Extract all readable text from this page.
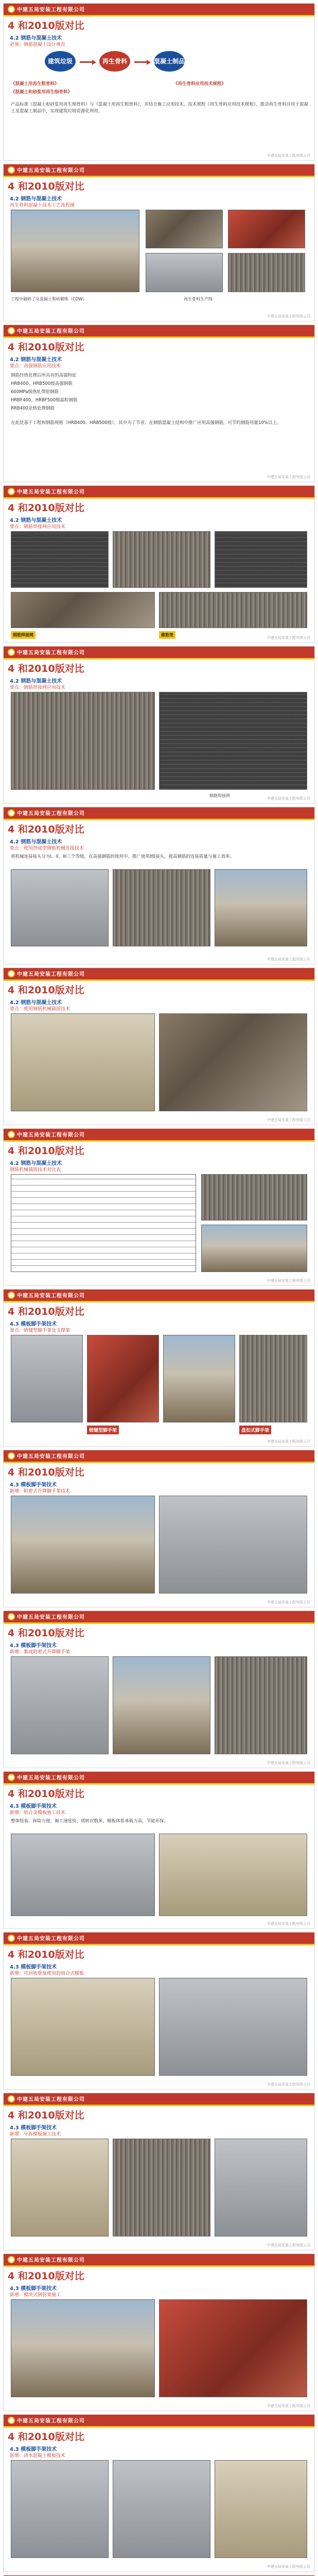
中建五局安装工程有限公司
4 和2010版对比
4.2 钢筋与混凝土技术
必须：钢筋混凝土设计规范
建筑垃圾	再生骨料	混凝土制品
《混凝土用再生粗骨料》
《混凝土和砂浆用再生细骨料》
《再生骨料应用技术规程》
产品标准《混凝土和砂浆用再生细骨料》与《混凝土用再生粗骨料》，并结合施工应用技术，技术规程《再生骨料应用技术规程》，推动再生骨料应用于混凝土及混凝土制品中，实现建筑垃圾资源化利用。
中建五局安装工程有限公司
中建五局安装工程有限公司
4 和2010版对比
4.2 钢筋与混凝土技术
再生骨料混凝土技术工艺流程图
工程中破碎了从混凝土和砖砌体（CDW）	再生骨料生产线
中建五局安装工程有限公司
中建五局安装工程有限公司
4 和2010版对比
4.2 钢筋与混凝土技术
要点：高强钢筋应用技术
钢筋经热处理后所具有的高强特征
HRB400、HRB500级高强钢筋
600MPa级热轧带肋钢筋
HRBF400、HRBF500细晶粒钢筋
RRB400余热处理钢筋
在此处基于工程和钢筋规格（HRB400、HRB500级），其中为了节省，在钢筋混凝土结构中推广应用高强钢筋，可节约钢筋用量10%以上。
中建五局安装工程有限公司
中建五局安装工程有限公司
4 和2010版对比
4.2 钢筋与混凝土技术
要点：钢筋焊接网应用技术
钢筋焊接网	箍筋笼
中建五局安装工程有限公司
中建五局安装工程有限公司
4 和2010版对比
4.2 钢筋与混凝土技术
要点：钢筋焊接网应用技术
钢筋焊接网
中建五局安装工程有限公司
中建五局安装工程有限公司
4 和2010版对比
4.2 钢筋与混凝土技术
要点：使用热成型钢筋机械连接技术
将机械连接接头分为I、II、III三个等级，在高强钢筋的使用中，推广使用I级接头，提高钢筋的连接质量与施工效率。
中建五局安装工程有限公司
中建五局安装工程有限公司
4 和2010版对比
4.2 钢筋与混凝土技术
要点：使用钢筋机械锚固技术
中建五局安装工程有限公司
中建五局安装工程有限公司
4 和2010版对比
4.2 钢筋与混凝土技术
钢筋机械锚固技术对比表
中建五局安装工程有限公司
中建五局安装工程有限公司
4 和2010版对比
4.3 模板脚手架技术
要点：销键型脚手架及支撑架
销键型脚手架	盘扣式脚手架
中建五局安装工程有限公司
中建五局安装工程有限公司
4 和2010版对比
4.3 模板脚手架技术
新增：附着式升降脚手架技术
中建五局安装工程有限公司
中建五局安装工程有限公司
4 和2010版对比
4.3 模板脚手架技术
新增：集成附着式升降脚手架
中建五局安装工程有限公司
中建五局安装工程有限公司
4 和2010版对比
4.3 模板脚手架技术
新增：铝合金模板施工技术
整体组装、拆除方便，施工速度快，周转次数多，模板体系承载力高，节能环保。
中建五局安装工程有限公司
中建五局安装工程有限公司
4 和2010版对比
4.3 模板脚手架技术
新增：可回收重复使用的组合式模板
中建五局安装工程有限公司
中建五局安装工程有限公司
4 和2010版对比
4.3 模板脚手架技术
新增：早拆模板施工技术
中建五局安装工程有限公司
中建五局安装工程有限公司
4 和2010版对比
4.3 模板脚手架技术
新增：模块式钢管架施工
中建五局安装工程有限公司
中建五局安装工程有限公司
4 和2010版对比
4.3 模板脚手架技术
新增：清水混凝土模板技术
中建五局安装工程有限公司
